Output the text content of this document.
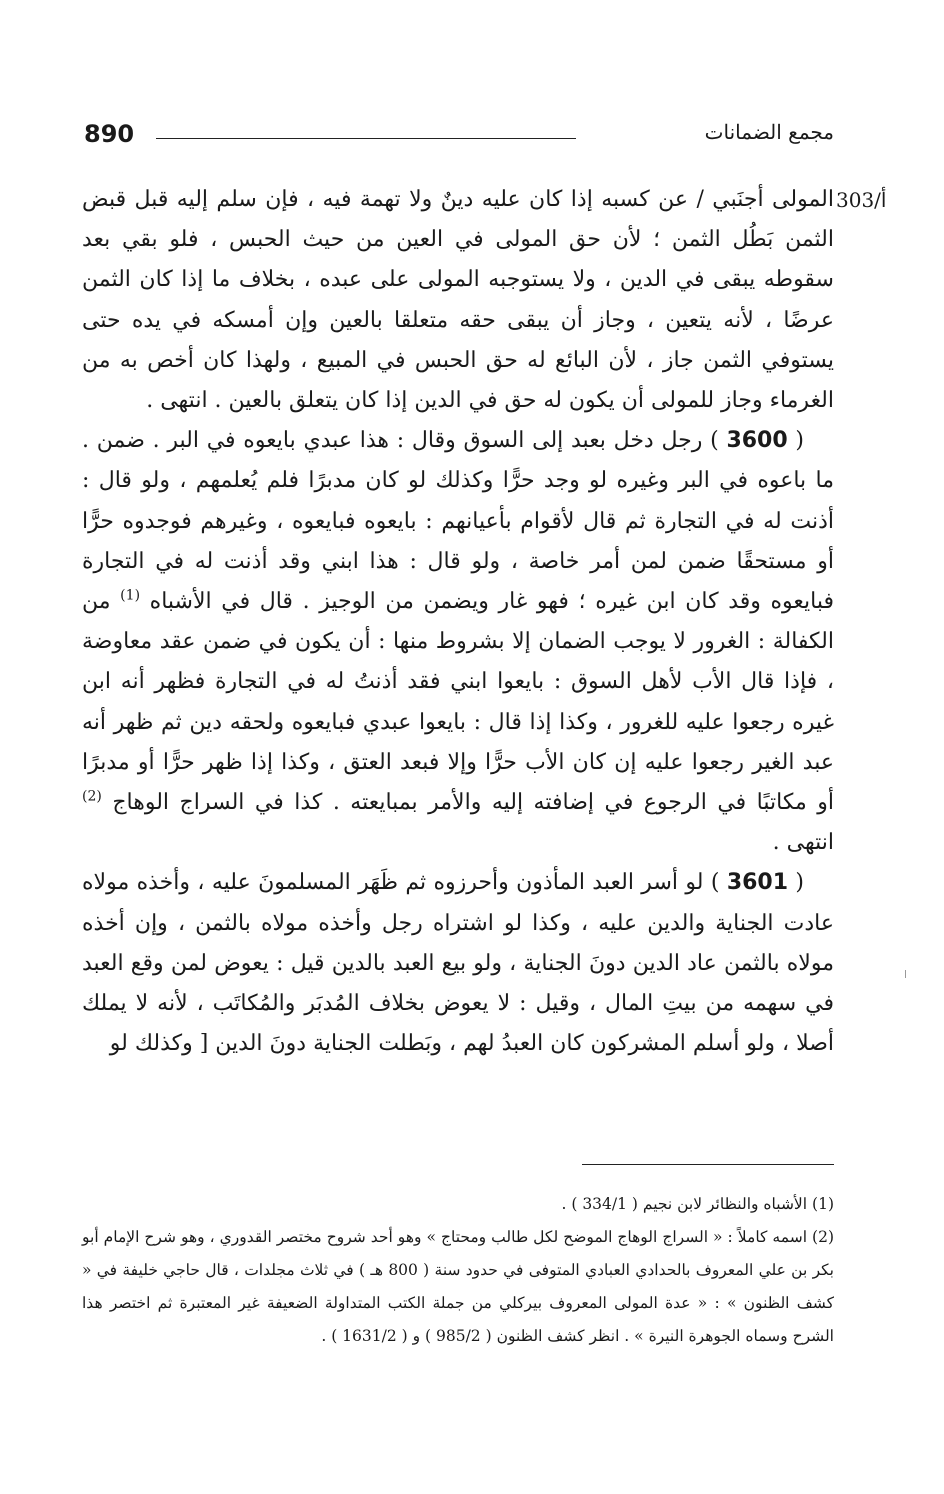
890	مجمع الضمانات
303/أ

المولى أجنَبي / عن كسبه إذا كان عليه دينٌ ولا تهمة فيه ، فإن سلم إليه قبل قبض الثمن بَطُل الثمن ؛ لأن حق المولى في العين من حيث الحبس ، فلو بقي بعد سقوطه يبقى في الدين ، ولا يستوجبه المولى على عبده ، بخلاف ما إذا كان الثمن عرضًا ، لأنه يتعين ، وجاز أن يبقى حقه متعلقا بالعين وإن أمسكه في يده حتى يستوفي الثمن جاز ، لأن البائع له حق الحبس في المبيع ، ولهذا كان أخص به من الغرماء وجاز للمولى أن يكون له حق في الدين إذا كان يتعلق بالعين . انتهى .

( 3600 ) رجل دخل بعبد إلى السوق وقال : هذا عبدي بايعوه في البر . ضمن . ما باعوه في البر وغيره لو وجد حرًّا وكذلك لو كان مدبرًا فلم يُعلمهم ، ولو قال : أذنت له في التجارة ثم قال لأقوام بأعيانهم : بايعوه فبايعوه ، وغيرهم فوجدوه حرًّا أو مستحقًا ضمن لمن أمر خاصة ، ولو قال : هذا ابني وقد أذنت له في التجارة فبايعوه وقد كان ابن غيره ؛ فهو غار ويضمن من الوجيز . قال في الأشباه $^{(1)}$ من الكفالة : الغرور لا يوجب الضمان إلا بشروط منها : أن يكون في ضمن عقد معاوضة ، فإذا قال الأب لأهل السوق : بايعوا ابني فقد أذنتُ له في التجارة فظهر أنه ابن غيره رجعوا عليه للغرور ، وكذا إذا قال : بايعوا عبدي فبايعوه ولحقه دين ثم ظهر أنه عبد الغير رجعوا عليه إن كان الأب حرًّا وإلا فبعد العتق ، وكذا إذا ظهر حرًّا أو مدبرًا أو مكاتبًا في الرجوع في إضافته إليه والأمر بمبايعته . كذا في السراج الوهاج $^{(2)}$ انتهى .

( 3601 ) لو أسر العبد المأذون وأحرزوه ثم ظَهَر المسلمونَ عليه ، وأخذه مولاه عادت الجناية والدين عليه ، وكذا لو اشتراه رجل وأخذه مولاه بالثمن ، وإن أخذه مولاه بالثمن عاد الدين دونَ الجناية ، ولو بيع العبد بالدين قيل : يعوض لمن وقع العبد في سهمه من بيتِ المال ، وقيل : لا يعوض بخلاف المُدبَر والمُكاتَب ، لأنه لا يملك أصلا ، ولو أسلم المشركون كان العبدُ لهم ، وبَطلت الجناية دونَ الدين [ وكذلك لو

(1) الأشباه والنظائر لابن نجيم ( 334/1 ) .

(2) اسمه كاملاً : « السراج الوهاج الموضح لكل طالب ومحتاج » وهو أحد شروح مختصر القدوري ، وهو شرح الإمام أبو بكر بن علي المعروف بالحدادي العبادي المتوفى في حدود سنة ( 800 هـ ) في ثلاث مجلدات ، قال حاجي خليفة في « كشف الظنون » : « عدة المولى المعروف بيركلي من جملة الكتب المتداولة الضعيفة غير المعتبرة ثم اختصر هذا الشرح وسماه الجوهرة النيرة » . انظر كشف الظنون ( 985/2 ) و ( 1631/2 ) .
